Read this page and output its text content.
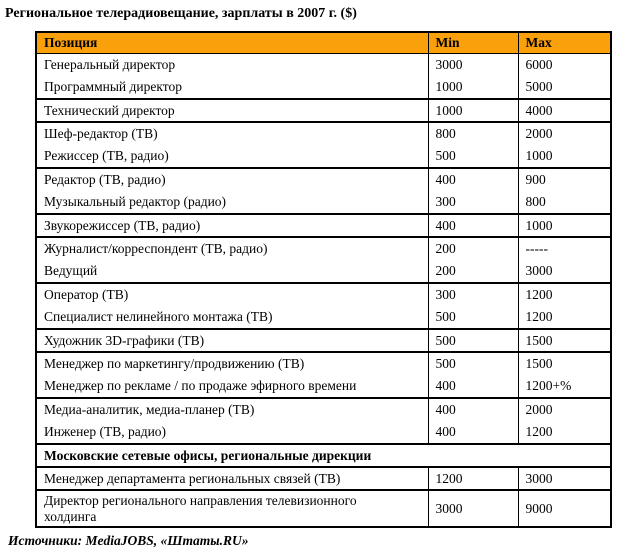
Региональное телерадиовещание, зарплаты в 2007 г. ($)
Позиция	Min	Max
Генеральный директор	3000	6000
Программный директор	1000	5000
Технический директор	1000	4000
Шеф-редактор (ТВ)	800	2000
Режиссер (ТВ, радио)	500	1000
Редактор (ТВ, радио)	400	900
Музыкальный редактор (радио)	300	800
Звукорежиссер (ТВ, радио)	400	1000
Журналист/корреспондент (ТВ, радио)	200	-----
Ведущий	200	3000
Оператор (ТВ)	300	1200
Специалист нелинейного монтажа (ТВ)	500	1200
Художник 3D-графики (ТВ)	500	1500
Менеджер по маркетингу/продвижению (ТВ)	500	1500
Менеджер по рекламе / по продаже эфирного времени	400	1200+%
Медиа-аналитик, медиа-планер (ТВ)	400	2000
Инженер (ТВ, радио)	400	1200
Московские сетевые офисы, региональные дирекции		
Менеджер департамента региональных связей (ТВ)	1200	3000
Директор регионального направления телевизионного холдинга	3000	9000
Источники: MediaJOBS, «Штаты.RU»
